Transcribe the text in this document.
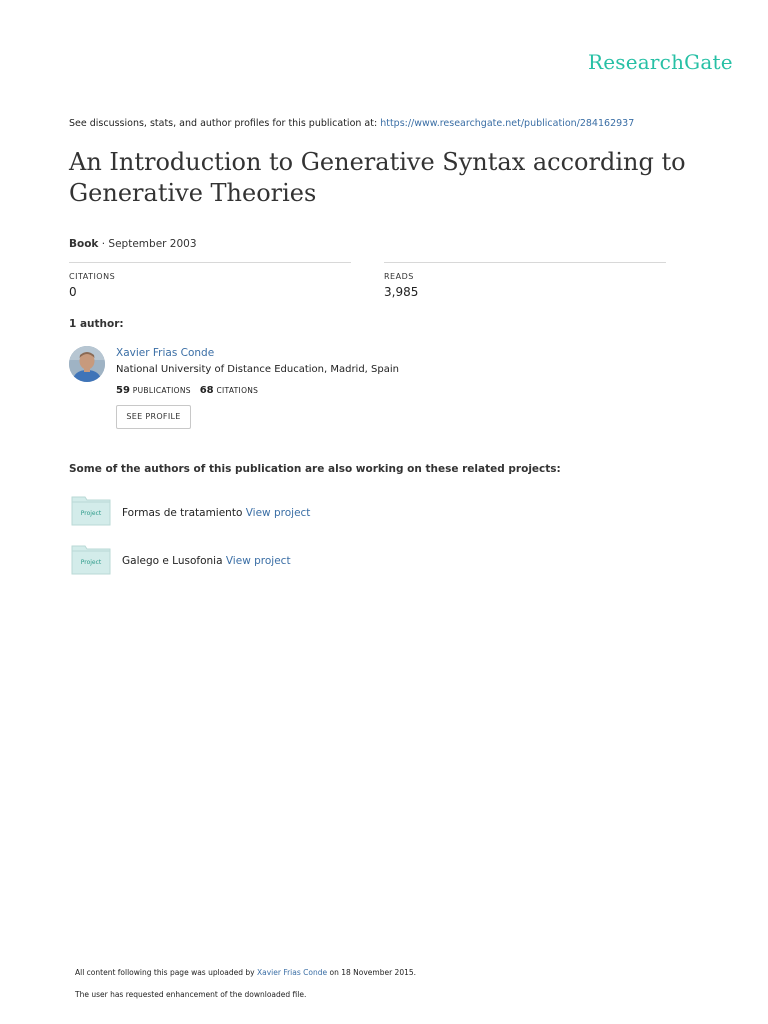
ResearchGate
See discussions, stats, and author profiles for this publication at: https://www.researchgate.net/publication/284162937
An Introduction to Generative Syntax according to Generative Theories
Book · September 2003
CITATIONS
0
READS
3,985
1 author:
Xavier Frias Conde
National University of Distance Education, Madrid, Spain
59 PUBLICATIONS 68 CITATIONS
SEE PROFILE
Some of the authors of this publication are also working on these related projects:
Project	Formas de tratamiento View project
Project	Galego e Lusofonia View project
All content following this page was uploaded by Xavier Frias Conde on 18 November 2015.
The user has requested enhancement of the downloaded file.
